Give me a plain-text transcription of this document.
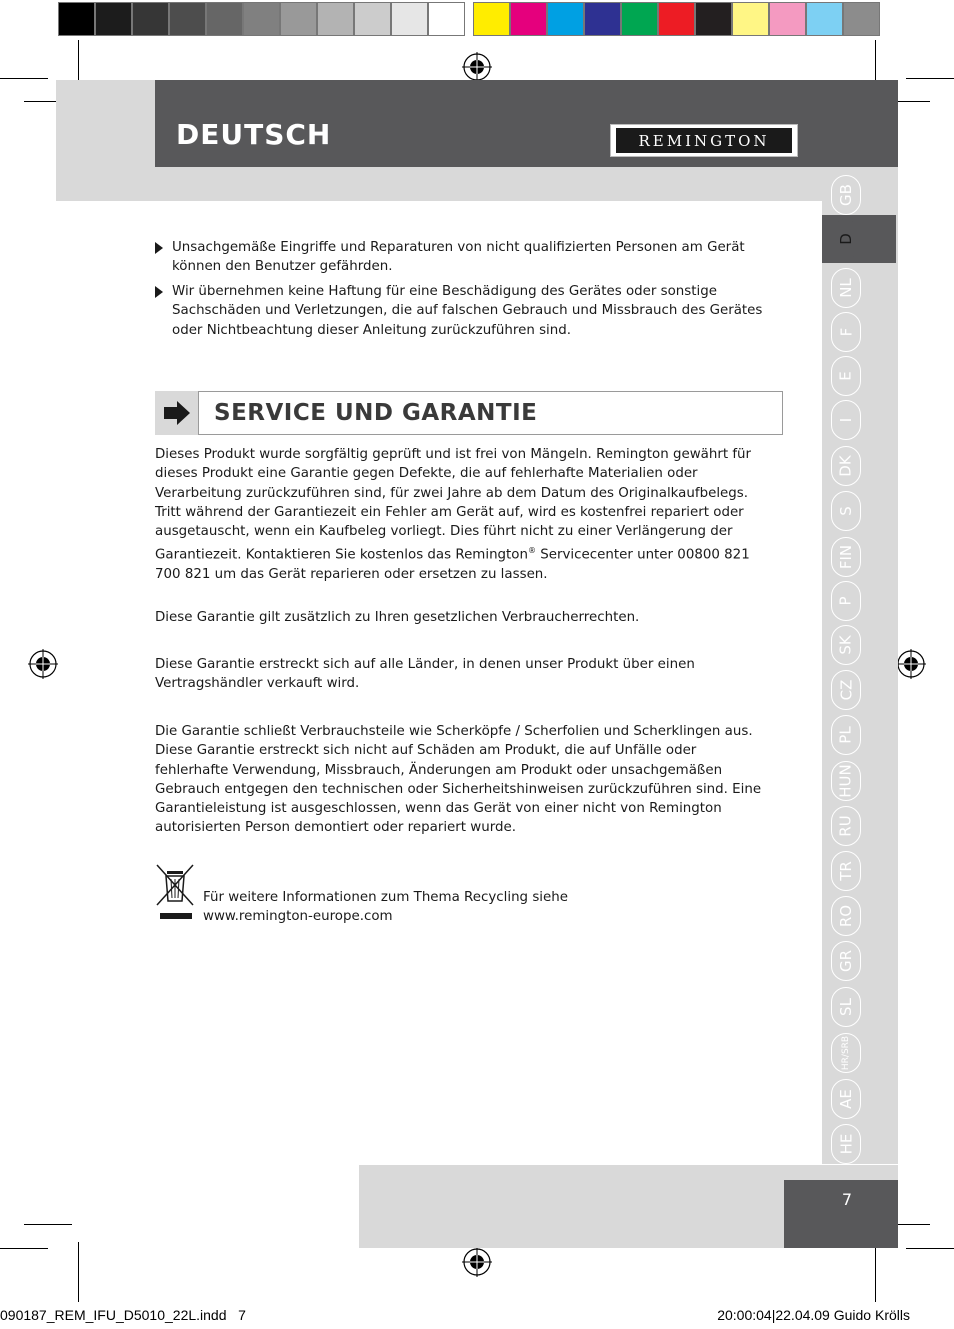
DEUTSCH	REMINGTON
GB
D
NL
F
E
I
DK
S
FIN
P
SK
CZ
PL
HUN
RU
TR
RO
GR
SL
HR/SRB
AE
HE
Unsachgemäße Eingriffe und Reparaturen von nicht qualifizierten Personen am Gerät können den Benutzer gefährden.
Wir übernehmen keine Haftung für eine Beschädigung des Gerätes oder sonstige Sachschäden und Verletzungen, die auf falschen Gebrauch und Missbrauch des Gerätes oder Nichtbeachtung dieser Anleitung zurückzuführen sind.
SERVICE UND GARANTIE
Dieses Produkt wurde sorgfältig geprüft und ist frei von Mängeln. Remington gewährt für dieses Produkt eine Garantie gegen Defekte, die auf fehlerhafte Materialien oder Verarbeitung zurückzuführen sind, für zwei Jahre ab dem Datum des Originalkaufbelegs. Tritt während der Garantiezeit ein Fehler am Gerät auf, wird es kostenfrei repariert oder ausgetauscht, wenn ein Kaufbeleg vorliegt. Dies führt nicht zu einer Verlängerung der Garantiezeit. Kontaktieren Sie kostenlos das Remington® Servicecenter unter 00800 821 700 821 um das Gerät reparieren oder ersetzen zu lassen.
Diese Garantie gilt zusätzlich zu Ihren gesetzlichen Verbraucherrechten.
Diese Garantie erstreckt sich auf alle Länder, in denen unser Produkt über einen Vertragshändler verkauft wird.
Die Garantie schließt Verbrauchsteile wie Scherköpfe / Scherfolien und Scherklingen aus. Diese Garantie erstreckt sich nicht auf Schäden am Produkt, die auf Unfälle oder fehlerhafte Verwendung, Missbrauch, Änderungen am Produkt oder unsachgemäßen Gebrauch entgegen den technischen oder Sicherheitshinweisen zurückzuführen sind. Eine Garantieleistung ist ausgeschlossen, wenn das Gerät von einer nicht von Remington autorisierten Person demontiert oder repariert wurde.
Für weitere Informationen zum Thema Recycling siehe
www.remington-europe.com
7
090187_REM_IFU_D5010_22L.indd   7	20:00:04|22.04.09 Guido Krölls
